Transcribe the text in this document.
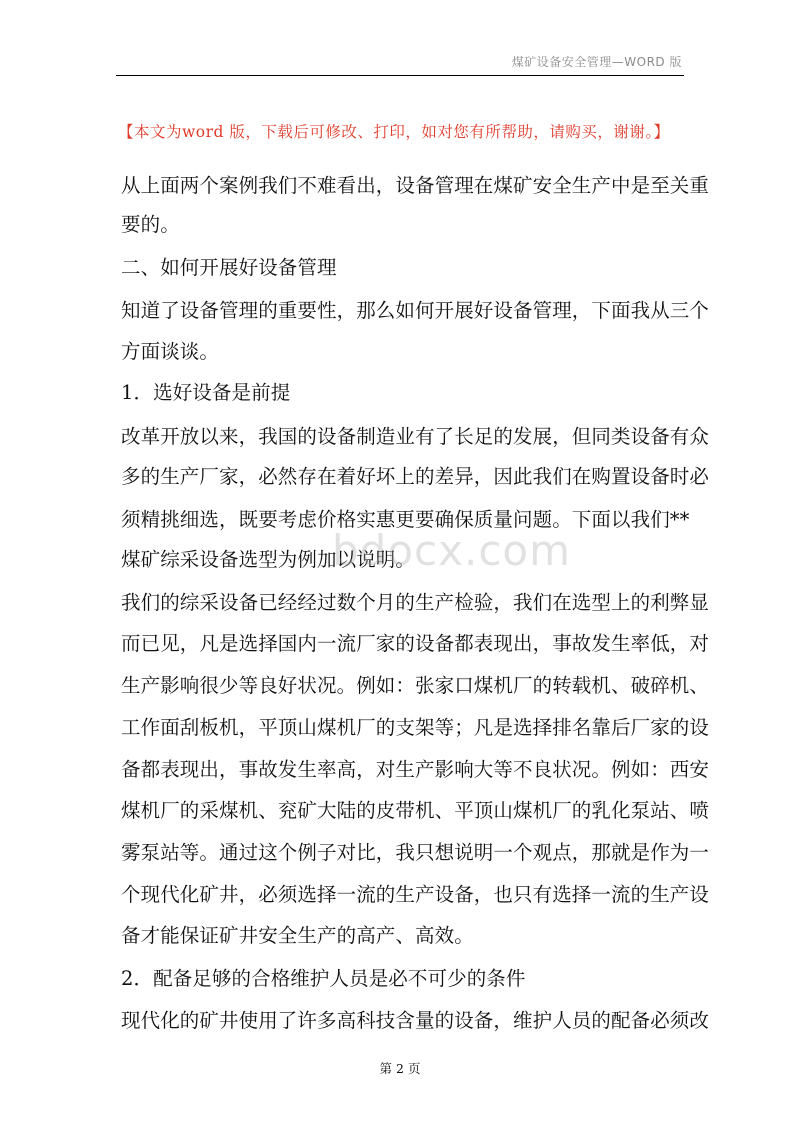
煤矿设备安全管理—WORD 版
【本文为word 版，下载后可修改、打印，如对您有所帮助，请购买，谢谢。】
从上面两个案例我们不难看出，设备管理在煤矿安全生产中是至关重
要的。
二、如何开展好设备管理
知道了设备管理的重要性，那么如何开展好设备管理，下面我从三个
方面谈谈。
1．选好设备是前提
改革开放以来，我国的设备制造业有了长足的发展，但同类设备有众
多的生产厂家，必然存在着好坏上的差异，因此我们在购置设备时必
须精挑细选，既要考虑价格实惠更要确保质量问题。下面以我们**
煤矿综采设备选型为例加以说明。
我们的综采设备已经经过数个月的生产检验，我们在选型上的利弊显
而已见，凡是选择国内一流厂家的设备都表现出，事故发生率低，对
生产影响很少等良好状况。例如：张家口煤机厂的转载机、破碎机、
工作面刮板机，平顶山煤机厂的支架等；凡是选择排名靠后厂家的设
备都表现出，事故发生率高，对生产影响大等不良状况。例如：西安
煤机厂的采煤机、兖矿大陆的皮带机、平顶山煤机厂的乳化泵站、喷
雾泵站等。通过这个例子对比，我只想说明一个观点，那就是作为一
个现代化矿井，必须选择一流的生产设备，也只有选择一流的生产设
备才能保证矿井安全生产的高产、高效。
2．配备足够的合格维护人员是必不可少的条件
现代化的矿井使用了许多高科技含量的设备，维护人员的配备必须改
bdocx.com
第 2 页
